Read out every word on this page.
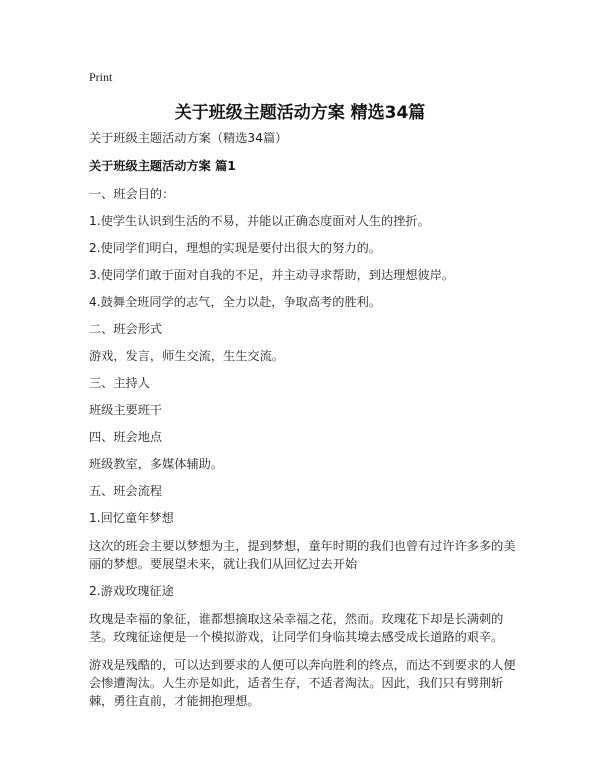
Print
关于班级主题活动方案 精选34篇

关于班级主题活动方案（精选34篇）

关于班级主题活动方案 篇1

一、班会目的：

1.使学生认识到生活的不易，并能以正确态度面对人生的挫折。

2.使同学们明白，理想的实现是要付出很大的努力的。

3.使同学们敢于面对自我的不足，并主动寻求帮助，到达理想彼岸。

4.鼓舞全班同学的志气，全力以赴，争取高考的胜利。

二、班会形式

游戏，发言，师生交流，生生交流。

三、主持人

班级主要班干

四、班会地点

班级教室，多媒体辅助。

五、班会流程

1.回忆童年梦想

这次的班会主要以梦想为主，提到梦想，童年时期的我们也曾有过许许多多的美丽的梦想。要展望未来，就让我们从回忆过去开始

2.游戏玫瑰征途

玫瑰是幸福的象征，谁都想摘取这朵幸福之花，然而。玫瑰花下却是长满刺的茎。玫瑰征途便是一个模拟游戏，让同学们身临其境去感受成长道路的艰辛。

游戏是残酷的，可以达到要求的人便可以奔向胜利的终点，而达不到要求的人便会惨遭淘汰。人生亦是如此，适者生存，不适者淘汰。因此，我们只有劈荆斩棘，勇往直前，才能拥抱理想。
